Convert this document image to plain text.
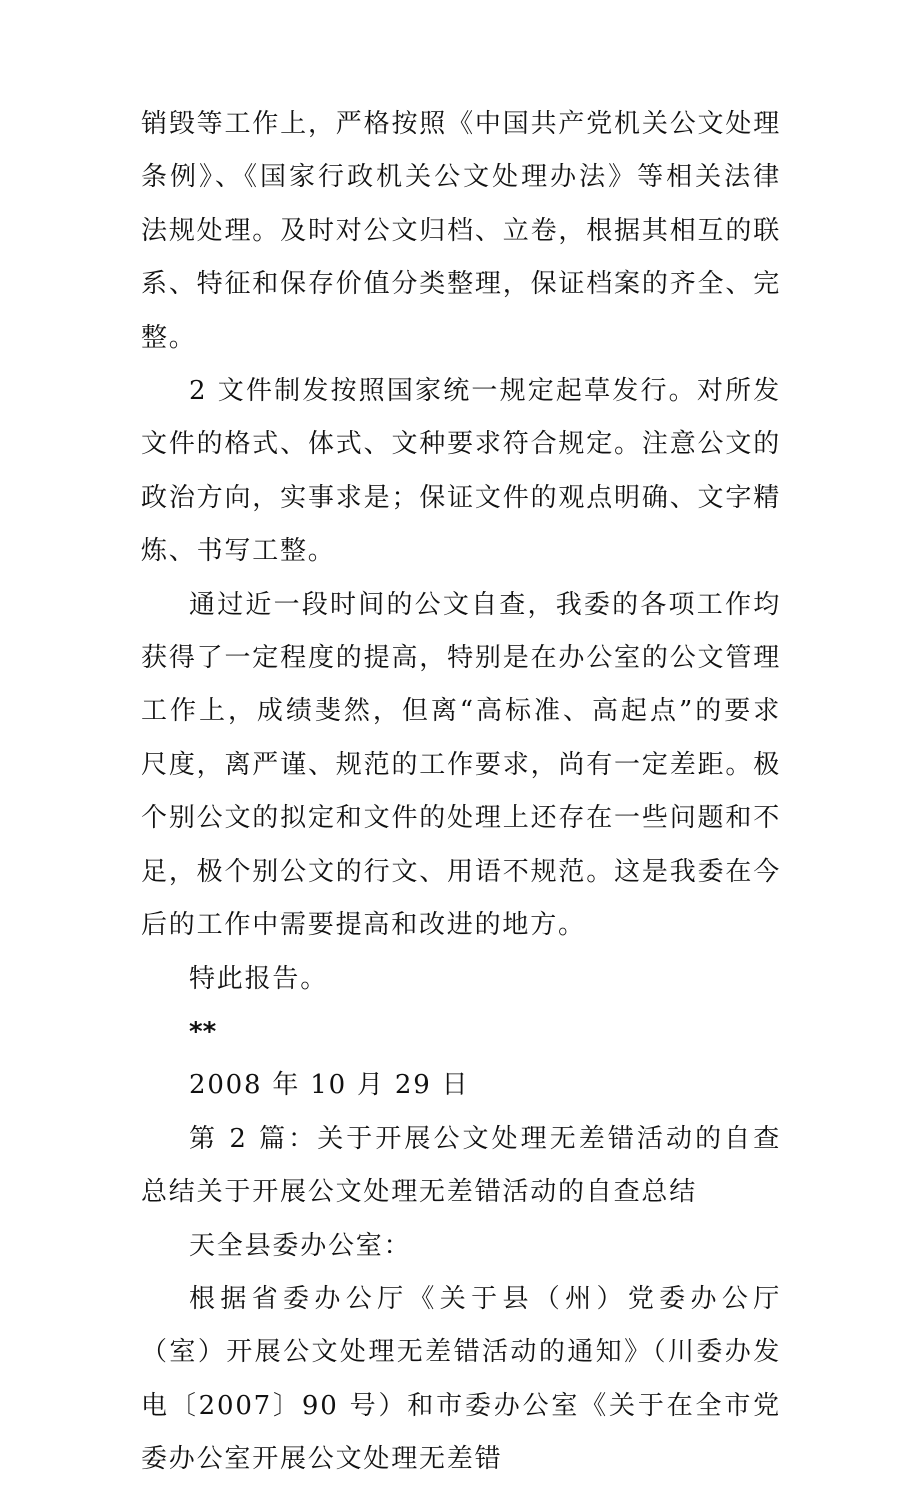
销毁等工作上，严格按照《中国共产党机关公文处理条例》、《国家行政机关公文处理办法》等相关法律法规处理。及时对公文归档、立卷，根据其相互的联系、特征和保存价值分类整理，保证档案的齐全、完整。

2 文件制发按照国家统一规定起草发行。对所发文件的格式、体式、文种要求符合规定。注意公文的政治方向，实事求是；保证文件的观点明确、文字精炼、书写工整。

通过近一段时间的公文自查，我委的各项工作均获得了一定程度的提高，特别是在办公室的公文管理工作上，成绩斐然，但离“高标准、高起点”的要求尺度，离严谨、规范的工作要求，尚有一定差距。极个别公文的拟定和文件的处理上还存在一些问题和不足，极个别公文的行文、用语不规范。这是我委在今后的工作中需要提高和改进的地方。

特此报告。

**

2008 年 10 月 29 日

第 2 篇：关于开展公文处理无差错活动的自查总结关于开展公文处理无差错活动的自查总结

天全县委办公室：

根据省委办公厅《关于县（州）党委办公厅（室）开展公文处理无差错活动的通知》（川委办发电〔2007〕90 号）和市委办公室《关于在全市党委办公室开展公文处理无差错
